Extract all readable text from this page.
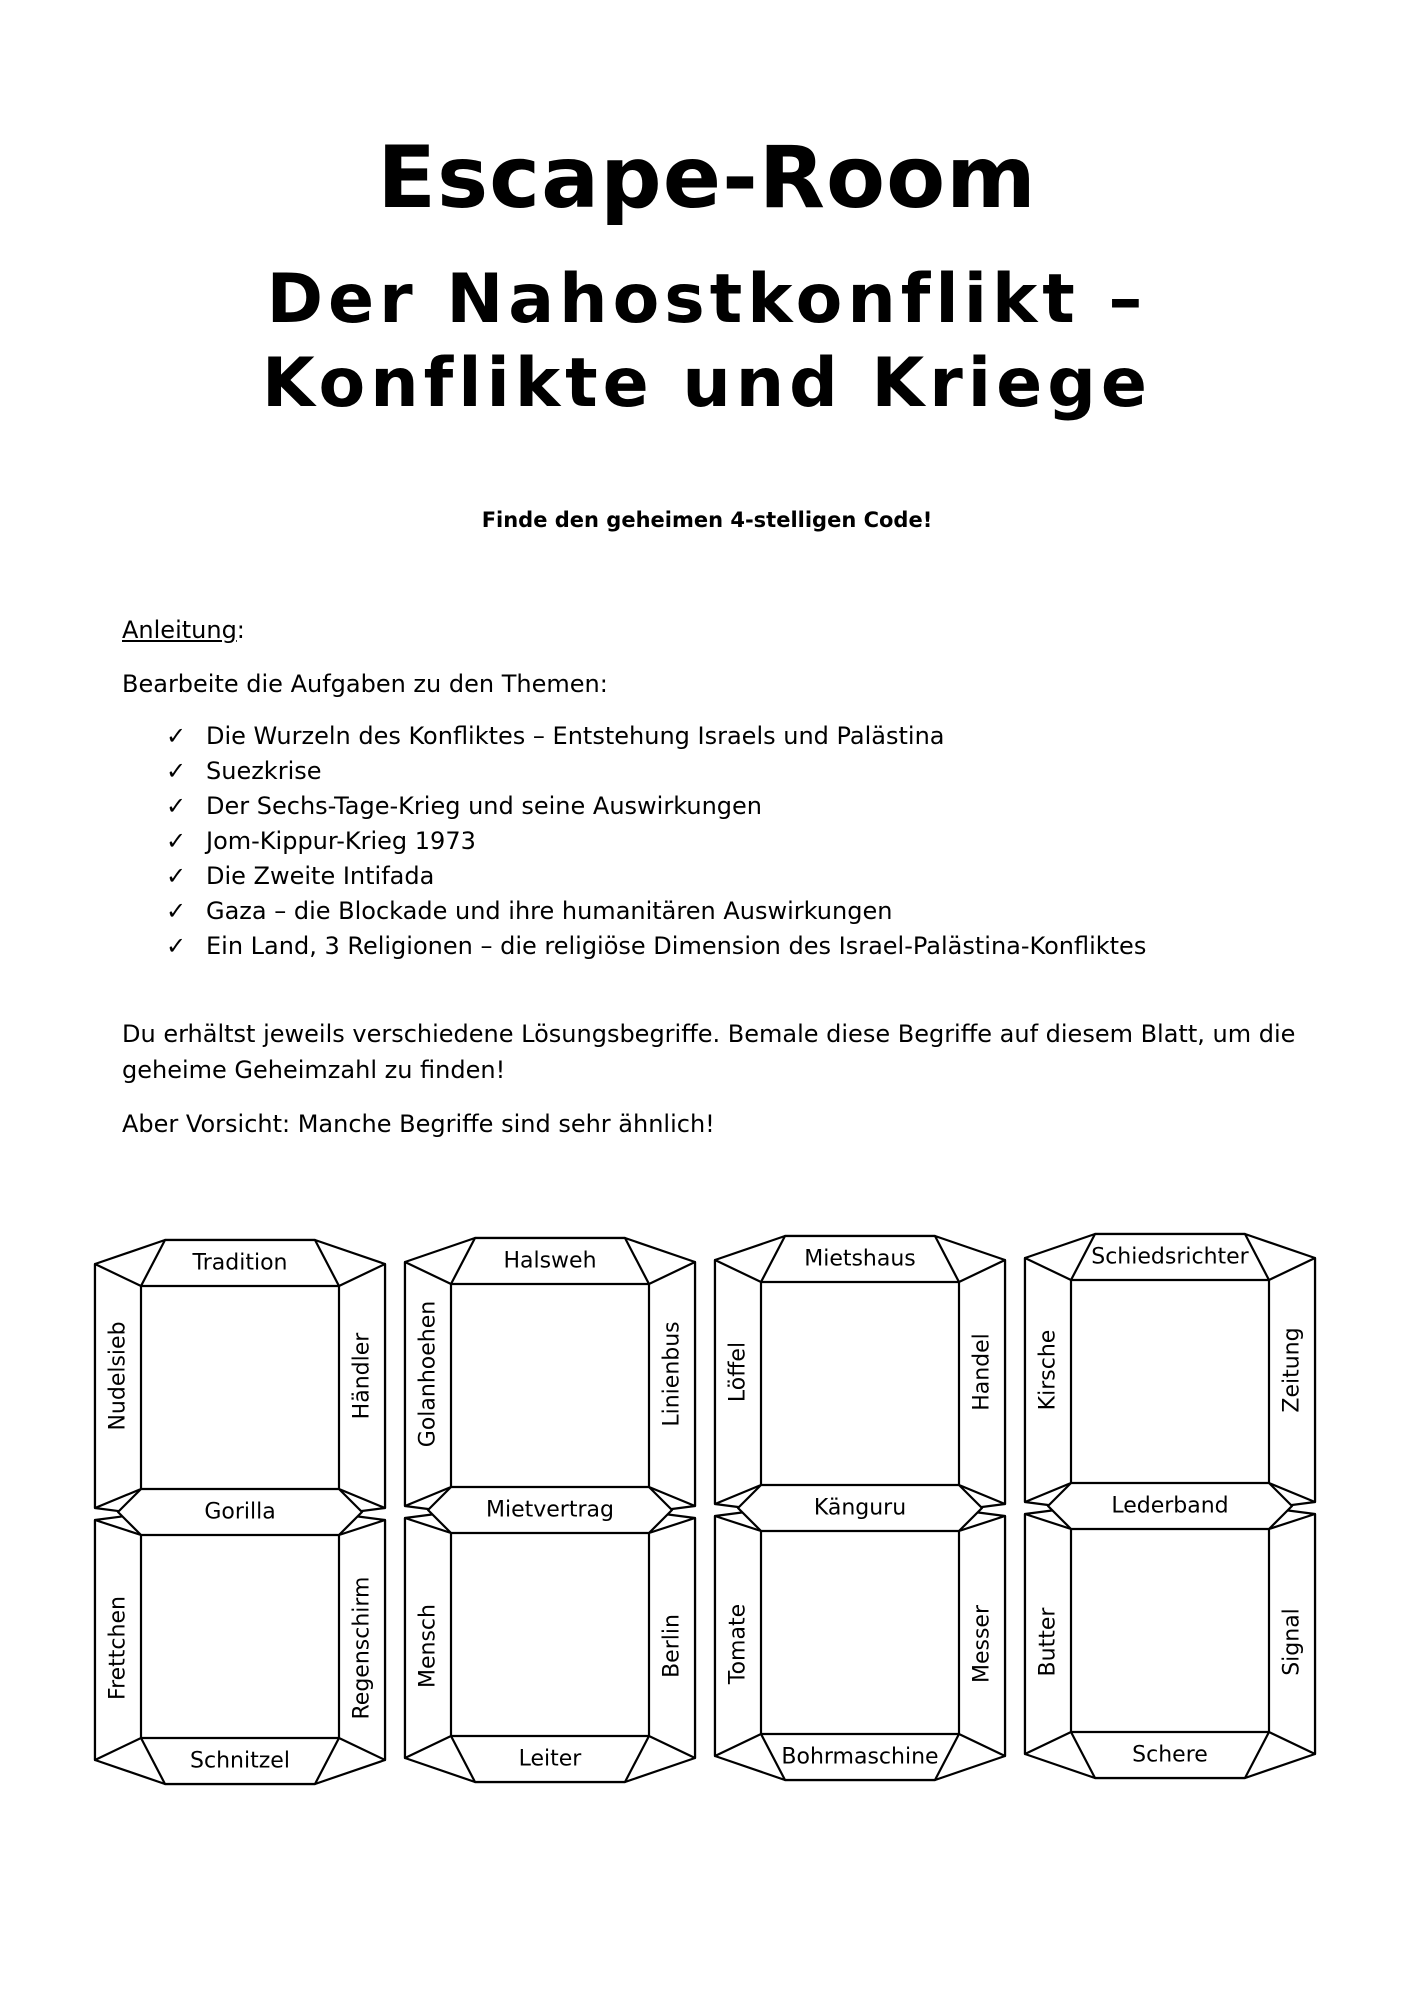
Escape-Room
Der Nahostkonflikt –
Konflikte und Kriege
Finde den geheimen 4-stelligen Code!
Anleitung:
Bearbeite die Aufgaben zu den Themen:
✓ Die Wurzeln des Konfliktes – Entstehung Israels und Palästina
✓ Suezkrise
✓ Der Sechs-Tage-Krieg und seine Auswirkungen
✓ Jom-Kippur-Krieg 1973
✓ Die Zweite Intifada
✓ Gaza – die Blockade und ihre humanitären Auswirkungen
✓ Ein Land, 3 Religionen – die religiöse Dimension des Israel-Palästina-Konfliktes
Du erhältst jeweils verschiedene Lösungsbegriffe. Bemale diese Begriffe auf diesem Blatt, um die geheime Geheimzahl zu finden!
Aber Vorsicht: Manche Begriffe sind sehr ähnlich!
Tradition
Gorilla
Schnitzel
Nudelsieb	Händler
Frettchen	Regenschirm
Halsweh
Mietvertrag
Leiter
Golanhoehen	Linienbus
Mensch	Berlin
Mietshaus
Känguru
Bohrmaschine
Löffel	Handel
Tomate	Messer
Schiedsrichter
Lederband
Schere
Kirsche	Zeitung
Butter	Signal
